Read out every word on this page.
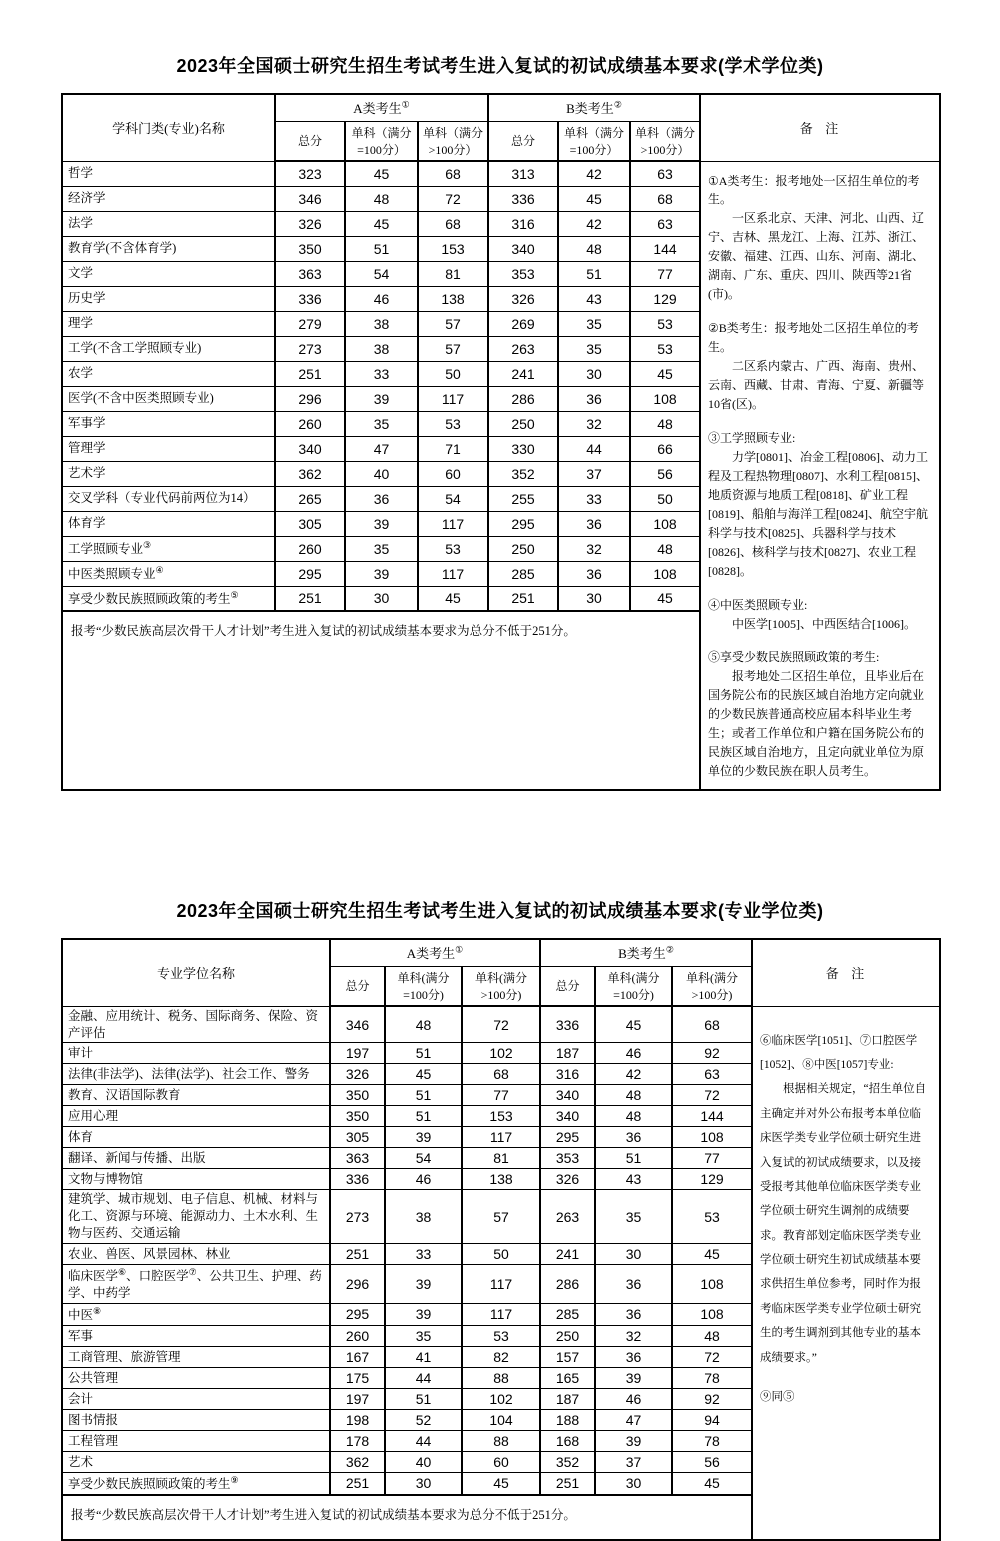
2023年全国硕士研究生招生考试考生进入复试的初试成绩基本要求(学术学位类)
学科门类(专业)名称	A类考生①			B类考生②			备  注
	总分	单科（满分=100分）	单科（满分>100分）	总分	单科（满分=100分）	单科（满分>100分）	
哲学	323	45	68	313	42	63	①A类考生：报考地处一区招生单位的考生。

一区系北京、天津、河北、山西、辽宁、吉林、黑龙江、上海、江苏、浙江、安徽、福建、江西、山东、河南、湖北、湖南、广东、重庆、四川、陕西等21省(市)。

②B类考生：报考地处二区招生单位的考生。

二区系内蒙古、广西、海南、贵州、云南、西藏、甘肃、青海、宁夏、新疆等10省(区)。

③工学照顾专业:

力学[0801]、冶金工程[0806]、动力工程及工程热物理[0807]、水利工程[0815]、地质资源与地质工程[0818]、矿业工程[0819]、船舶与海洋工程[0824]、航空宇航科学与技术[0825]、兵器科学与技术[0826]、核科学与技术[0827]、农业工程[0828]。

④中医类照顾专业:

中医学[1005]、中西医结合[1006]。

⑤享受少数民族照顾政策的考生:

报考地处二区招生单位，且毕业后在国务院公布的民族区域自治地方定向就业的少数民族普通高校应届本科毕业生考生；或者工作单位和户籍在国务院公布的民族区域自治地方，且定向就业单位为原单位的少数民族在职人员考生。

经济学	346	48	72	336	45	68	
法学	326	45	68	316	42	63	
教育学(不含体育学)	350	51	153	340	48	144	
文学	363	54	81	353	51	77	
历史学	336	46	138	326	43	129	
理学	279	38	57	269	35	53	
工学(不含工学照顾专业)	273	38	57	263	35	53	
农学	251	33	50	241	30	45	
医学(不含中医类照顾专业)	296	39	117	286	36	108	
军事学	260	35	53	250	32	48	
管理学	340	47	71	330	44	66	
艺术学	362	40	60	352	37	56	
交叉学科（专业代码前两位为14）	265	36	54	255	33	50	
体育学	305	39	117	295	36	108	
工学照顾专业③	260	35	53	250	32	48	
中医类照顾专业④	295	39	117	285	36	108	
享受少数民族照顾政策的考生⑤	251	30	45	251	30	45	
报考“少数民族高层次骨干人才计划”考生进入复试的初试成绩基本要求为总分不低于251分。							
2023年全国硕士研究生招生考试考生进入复试的初试成绩基本要求(专业学位类)
专业学位名称	A类考生①			B类考生②			备  注
	总分	单科(满分=100分)	单科(满分>100分)	总分	单科(满分=100分)	单科(满分>100分)	
金融、应用统计、税务、国际商务、保险、资产评估	346	48	72	336	45	68	⑥临床医学[1051]、⑦口腔医学[1052]、⑧中医[1057]专业:

根据相关规定，“招生单位自主确定并对外公布报考本单位临床医学类专业学位硕士研究生进入复试的初试成绩要求，以及接受报考其他单位临床医学类专业学位硕士研究生调剂的成绩要求。教育部划定临床医学类专业学位硕士研究生初试成绩基本要求供招生单位参考，同时作为报考临床医学类专业学位硕士研究生的考生调剂到其他专业的基本成绩要求。”

⑨同⑤

审计	197	51	102	187	46	92	
法律(非法学)、法律(法学)、社会工作、警务	326	45	68	316	42	63	
教育、汉语国际教育	350	51	77	340	48	72	
应用心理	350	51	153	340	48	144	
体育	305	39	117	295	36	108	
翻译、新闻与传播、出版	363	54	81	353	51	77	
文物与博物馆	336	46	138	326	43	129	
建筑学、城市规划、电子信息、机械、材料与化工、资源与环境、能源动力、土木水利、生物与医药、交通运输	273	38	57	263	35	53	
农业、兽医、风景园林、林业	251	33	50	241	30	45	
临床医学⑥、口腔医学⑦、公共卫生、护理、药学、中药学	296	39	117	286	36	108	
中医⑧	295	39	117	285	36	108	
军事	260	35	53	250	32	48	
工商管理、旅游管理	167	41	82	157	36	72	
公共管理	175	44	88	165	39	78	
会计	197	51	102	187	46	92	
图书情报	198	52	104	188	47	94	
工程管理	178	44	88	168	39	78	
艺术	362	40	60	352	37	56	
享受少数民族照顾政策的考生⑨	251	30	45	251	30	45	
报考“少数民族高层次骨干人才计划”考生进入复试的初试成绩基本要求为总分不低于251分。							
